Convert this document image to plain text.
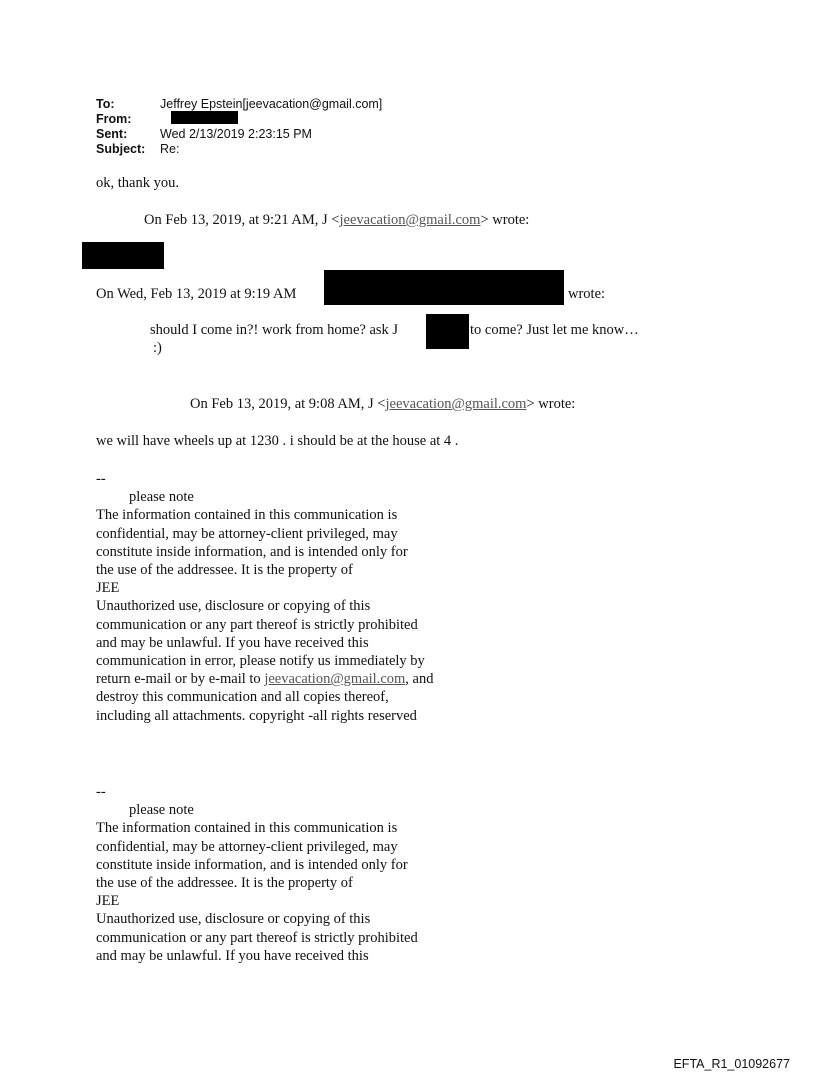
To:	Jeffrey Epstein[jeevacation@gmail.com]
From:
Sent:	Wed 2/13/2019 2:23:15 PM
Subject: Re:
ok, thank you.
On Feb 13, 2019, at 9:21 AM, J <jeevacation@gmail.com> wrote:
On Wed, Feb 13, 2019 at 9:19 AM	wrote:
should I come in?! work from home? ask J	to come? Just let me know…
:)
On Feb 13, 2019, at 9:08 AM, J <jeevacation@gmail.com> wrote:
we will have wheels up at 1230 . i should be at the house at 4 .
--
please note
The information contained in this communication is
confidential, may be attorney-client privileged, may
constitute inside information, and is intended only for
the use of the addressee. It is the property of
JEE
Unauthorized use, disclosure or copying of this
communication or any part thereof is strictly prohibited
and may be unlawful. If you have received this
communication in error, please notify us immediately by
return e-mail or by e-mail to jeevacation@gmail.com, and
destroy this communication and all copies thereof,
including all attachments. copyright -all rights reserved
--
please note
The information contained in this communication is
confidential, may be attorney-client privileged, may
constitute inside information, and is intended only for
the use of the addressee. It is the property of
JEE
Unauthorized use, disclosure or copying of this
communication or any part thereof is strictly prohibited
and may be unlawful. If you have received this
EFTA_R1_01092677
